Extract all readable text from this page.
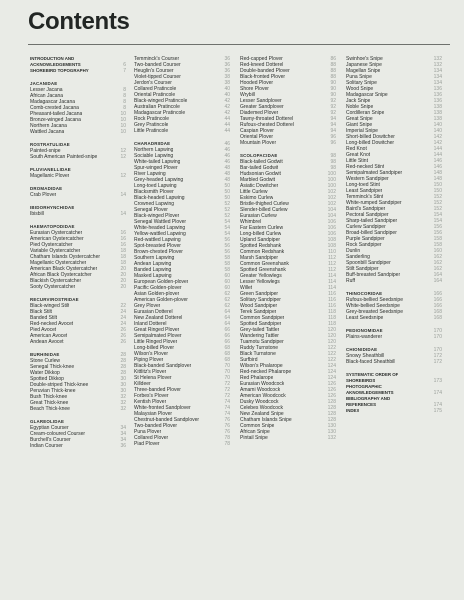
Contents
INTRODUCTION AND
ACKNOWLEDGEMENTS	6
SHOREBIRD TOPOGRAPHY	7
JACANIDAE
Lesser Jacana	8
African Jacana	8
Madagascar Jacana	8
Comb-crested Jacana	8
Pheasant-tailed Jacana	10
Bronze-winged Jacana	10
Northern Jacana	10
Wattled Jacana	10
ROSTRATULIDAE
Painted-snipe	12
South American Painted-snipe	12
PLUVIANELLIDAE
Magellanic Plover	12
DROMADIDAE
Crab Plover	14
IBIDORHYNCHIDAE
Ibisbill	14
HAEMATOPODIDAE
Eurasian Oystercatcher	16
American Oystercatcher	16
Pied Oystercatcher	16
Variable Oystercatcher	18
Chatham Islands Oystercatcher	18
Magellanic Oystercatcher	18
American Black Oystercatcher	20
African Black Oystercatcher	20
Blackish Oystercatcher	20
Sooty Oystercatcher	20
RECURVIROSTRIDAE
Black-winged Stilt	22
Black Stilt	24
Banded Stilt	24
Red-necked Avocet	24
Pied Avocet	26
American Avocet	26
Andean Avocet	26
BURHINIDAE	28
Stone Curlew	28
Senegal Thick-knee	28
Water Dikkop	28
Spotted Dikkop	30
Double-striped Thick-knee	30
Peruvian Thick-knee	30
Bush Thick-knee	32
Great Thick-knee	32
Beach Thick-knee	32
GLAREOLIDAE
Egyptian Courser	34
Cream-coloured Courser	34
Burchell's Courser	34
Indian Courser	36
Temminck's Courser	36
Two-banded Courser	36
Heuglin's Courser	36
Violet-tipped Courser	38
Jerdon's Courser	38
Collared Pratincole	40
Oriental Pratincole	40
Black-winged Pratincole	42
Australian Pratincole	42
Madagascar Pratincole	42
Rock Pratincole	44
Grey Pratincole	44
Little Pratincole	44
CHARADRIIDAE	46
Northern Lapwing	46
Sociable Lapwing	46
White-tailed Lapwing	46
Spur-winged Plover	48
River Lapwing	48
Grey-headed Lapwing	48
Long-toed Lapwing	50
Blacksmith Plover	50
Black-headed Lapwing	50
Crowned Lapwing	52
Senegal Plover	52
Black-winged Plover	52
Senegal Wattled Plover	54
White-headed Lapwing	54
Yellow-wattled Lapwing	54
Red-wattled Lapwing	56
Spot-breasted Plover	56
Brown-chested Plover	56
Southern Lapwing	58
Andean Lapwing	58
Banded Lapwing	58
Masked Lapwing	60
European Golden-plover	60
Pacific Golden-plover	60
Asian Golden-plover	62
American Golden-plover	62
Grey Plover	62
Eurasian Dotterel	64
New Zealand Dotterel	64
Inland Dotterel	64
Great Ringed Plover	66
Semipalmated Plover	66
Little Ringed Plover	66
Long-billed Plover	68
Wilson's Plover	68
Piping Plover	68
Black-banded Sandplover	70
Kittlitz's Plover	70
St Helena Plover	70
Killdeer	72
Three-banded Plover	72
Forbes's Plover	72
Kentish Plover	74
White-fronted Sandplover	74
Malaysian Plover	74
Chestnut-banded Sandplover	76
Two-banded Plover	76
Puna Plover	76
Collared Plover	78
Piad Plover	78
Red-capped Plover	86
Red-kneed Dotterel	88
Double-banded Plover	88
Black-fronted Plover	88
Hooded Plover	90
Shore Plover	90
Wrybill	90
Lesser Sandplover	92
Greater Sandplover	92
Diademed Plover	92
Tawny-throated Dotterel	94
Rufous-chested Dotterel	94
Caspian Plover	94
Oriental Plover	96
Mountain Plover	96
SCOLOPACIDAE	98
Black-tailed Godwit	98
Bar-tailed Godwit	98
Hudsonian Godwit	100
Marbled Godwit	100
Asiatic Dowitcher	100
Little Curlew	102
Eskimo Curlew	102
Bristle-thighed Curlew	102
Slender-billed Curlew	104
Eurasian Curlew	104
Whimbrel	106
Far Eastern Curlew	106
Long-billed Curlew	106
Upland Sandpiper	108
Spotted Redshank	108
Common Redshank	110
Marsh Sandpiper	112
Common Greenshank	112
Spotted Greenshank	112
Greater Yellowlegs	114
Lesser Yellowlegs	114
Willet	114
Green Sandpiper	116
Solitary Sandpiper	116
Wood Sandpiper	116
Terek Sandpiper	118
Common Sandpiper	118
Spotted Sandpiper	118
Grey-tailed Tattler	120
Wandering Tattler	120
Tuamotu Sandpiper	120
Ruddy Turnstone	122
Black Turnstone	122
Surfbird	122
Wilson's Phalarope	124
Red-necked Phalarope	124
Red Phalarope	124
Eurasian Woodcock	126
Amami Woodcock	126
American Woodcock	126
Dusky Woodcock	128
Celebes Woodcock	128
New Zealand Snipe	128
Chatham Islands Snipe	128
Common Snipe	130
African Snipe	130
Pintail Snipe	132
Swinhoe's Snipe	132
Japanese Snipe	132
Magellan Snipe	134
Puna Snipe	134
Solitary Snipe	134
Wood Snipe	136
Madagascar Snipe	136
Jack Snipe	136
Noble Snipe	138
Cordilleran Snipe	138
Great Snipe	138
Giant Snipe	140
Imperial Snipe	140
Short-billed Dowitcher	142
Long-billed Dowitcher	142
Red Knot	144
Great Knot	144
Little Stint	146
Red-necked Stint	146
Semipalmated Sandpiper	148
Western Sandpiper	148
Long-toed Stint	150
Least Sandpiper	150
Temminck's Stint	152
White-rumped Sandpiper	152
Baird's Sandpiper	152
Pectoral Sandpiper	154
Sharp-tailed Sandpiper	154
Curlew Sandpiper	156
Broad-billed Sandpiper	156
Purple Sandpiper	158
Rock Sandpiper	158
Dunlin	160
Sanderling	162
Spoonbill Sandpiper	162
Stilt Sandpiper	162
Buff-breasted Sandpiper	164
Ruff	164
THINOCORIDAE	166
Rufous-bellied Seedsnipe	166
White-bellied Seedsnipe	166
Grey-breasted Seedsnipe	168
Least Seedsnipe	168
PEDIONOMIDAE	170
Plains-wanderer	170
CHIONIDIDAE	170
Snowy Sheathbill	172
Black-faced Sheathbill	172
SYSTEMATIC ORDER OF
SHOREBIRDS	173
PHOTOGRAPHIC
AKNOWLEDGEMENTS	174
BIBLIOGRAPHY AND
REFERENCES	174
INDEX	175
